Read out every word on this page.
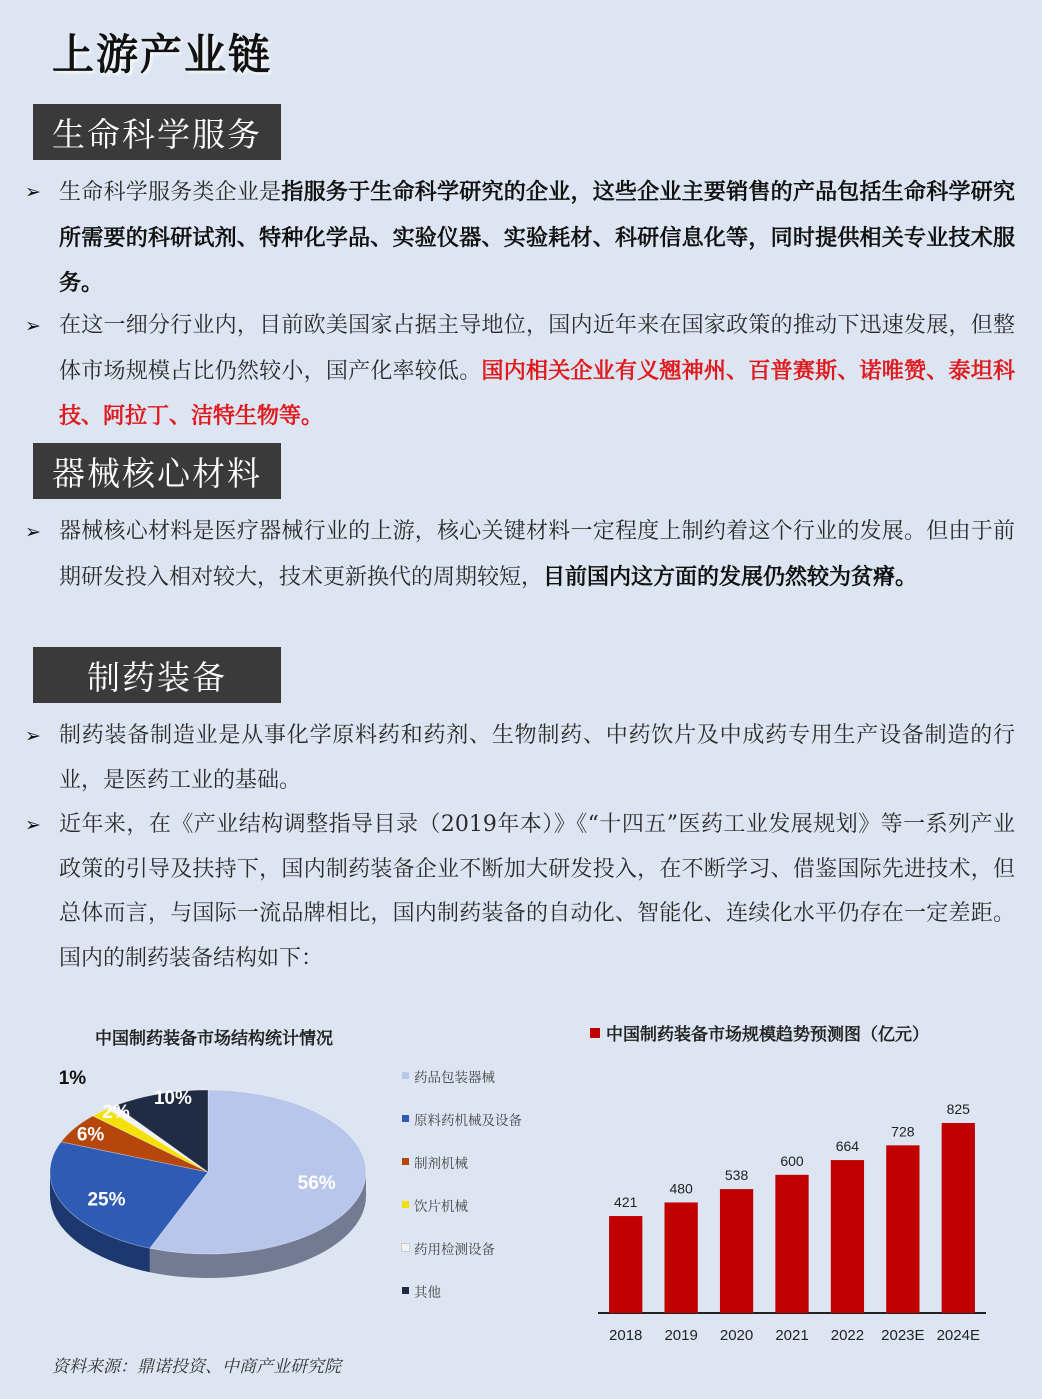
上游产业链
生命科学服务
➢ 生命科学服务类企业是指服务于生命科学研究的企业，这些企业主要销售的产品包括生命科学研究所需要的科研试剂、特种化学品、实验仪器、实验耗材、科研信息化等，同时提供相关专业技术服务。
➢ 在这一细分行业内，目前欧美国家占据主导地位，国内近年来在国家政策的推动下迅速发展，但整体市场规模占比仍然较小，国产化率较低。国内相关企业有义翘神州、百普赛斯、诺唯赞、泰坦科技、阿拉丁、洁特生物等。
器械核心材料
➢ 器械核心材料是医疗器械行业的上游，核心关键材料一定程度上制约着这个行业的发展。但由于前期研发投入相对较大，技术更新换代的周期较短，目前国内这方面的发展仍然较为贫瘠。
制药装备
➢ 制药装备制造业是从事化学原料药和药剂、生物制药、中药饮片及中成药专用生产设备制造的行业，是医药工业的基础。
➢ 近年来，在《产业结构调整指导目录（2019年本）》《“十四五”医药工业发展规划》等一系列产业政策的引导及扶持下，国内制药装备企业不断加大研发投入，在不断学习、借鉴国际先进技术，但总体而言，与国际一流品牌相比，国内制药装备的自动化、智能化、连续化水平仍存在一定差距。国内的制药装备结构如下：
中国制药装备市场结构统计情况
56%
25%
6%
2%
1%
10%
药品包装器械
原料药机械及设备
制剂机械
饮片机械
药用检测设备
其他
中国制药装备市场规模趋势预测图（亿元）
421
2018
480
2019
538
2020
600
2021
664
2022
728
2023E
825
2024E
资料来源：鼎诺投资、中商产业研究院
